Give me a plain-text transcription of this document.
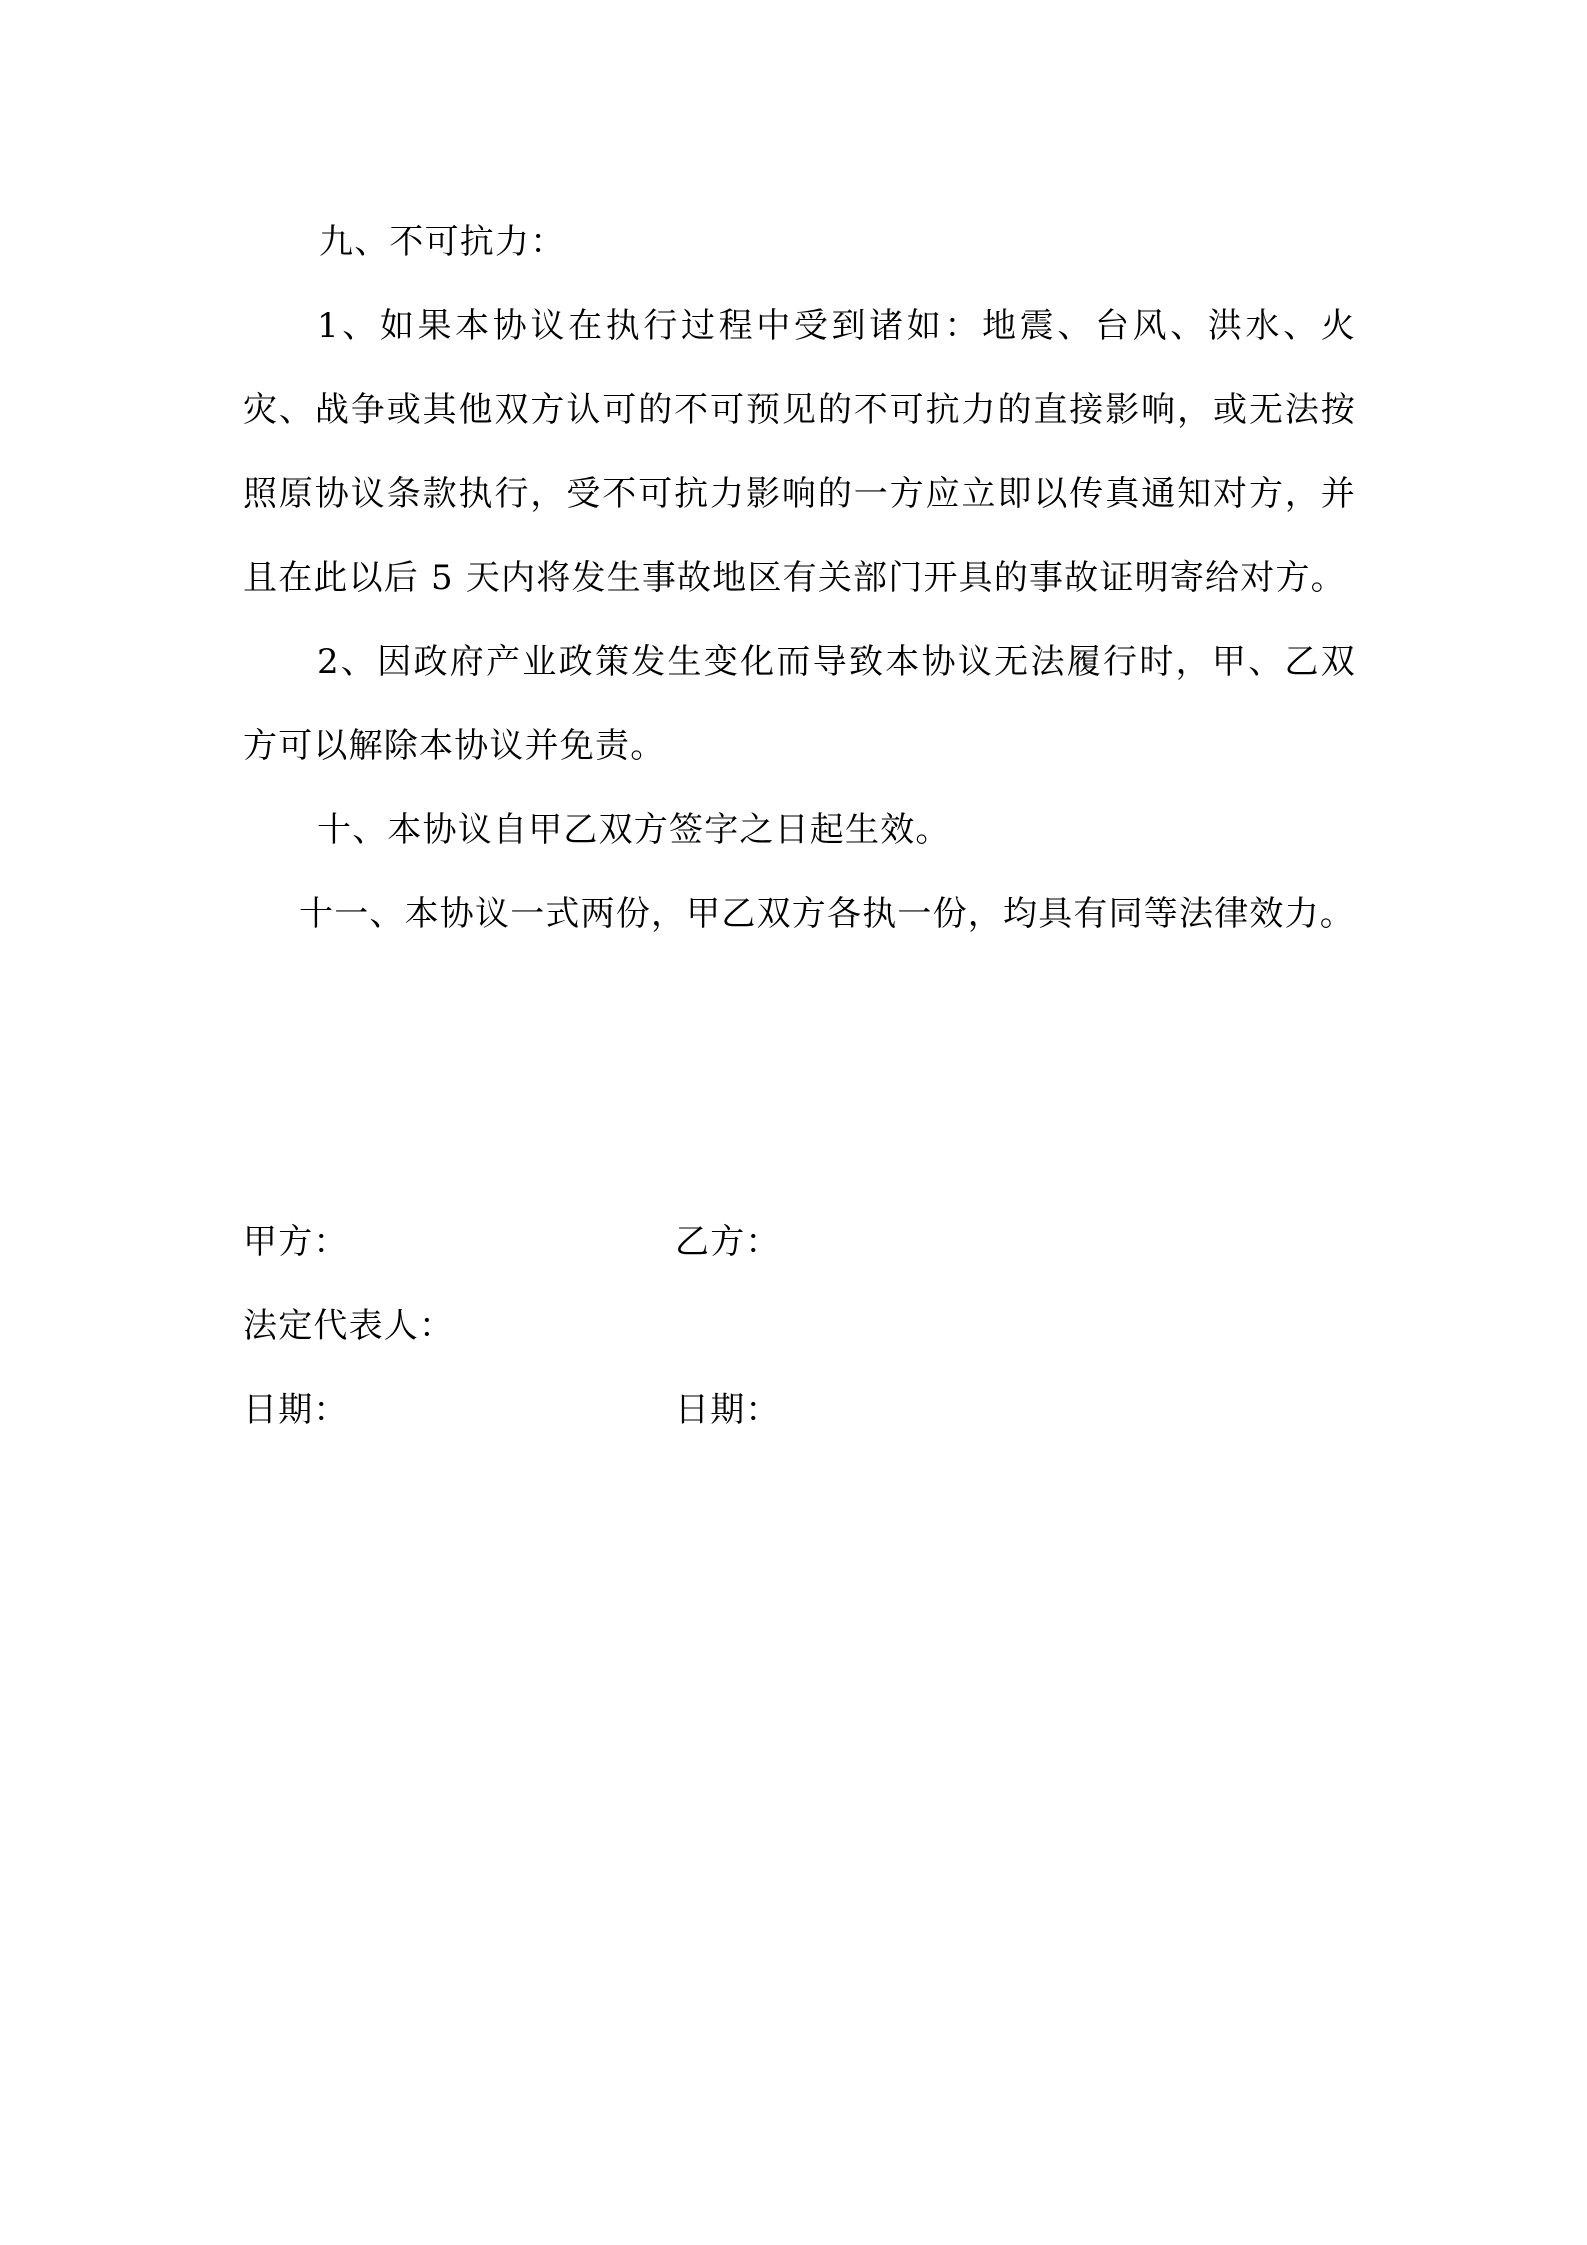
九、不可抗力：

1、如果本协议在执行过程中受到诸如：地震、台风、洪水、火灾、战争或其他双方认可的不可预见的不可抗力的直接影响，或无法按照原协议条款执行，受不可抗力影响的一方应立即以传真通知对方，并且在此以后 5 天内将发生事故地区有关部门开具的事故证明寄给对方。

2、因政府产业政策发生变化而导致本协议无法履行时，甲、乙双方可以解除本协议并免责。

十、本协议自甲乙双方签字之日起生效。

十一、本协议一式两份，甲乙双方各执一份，均具有同等法律效力。

甲方：	乙方：
法定代表人：
日期：	日期：
